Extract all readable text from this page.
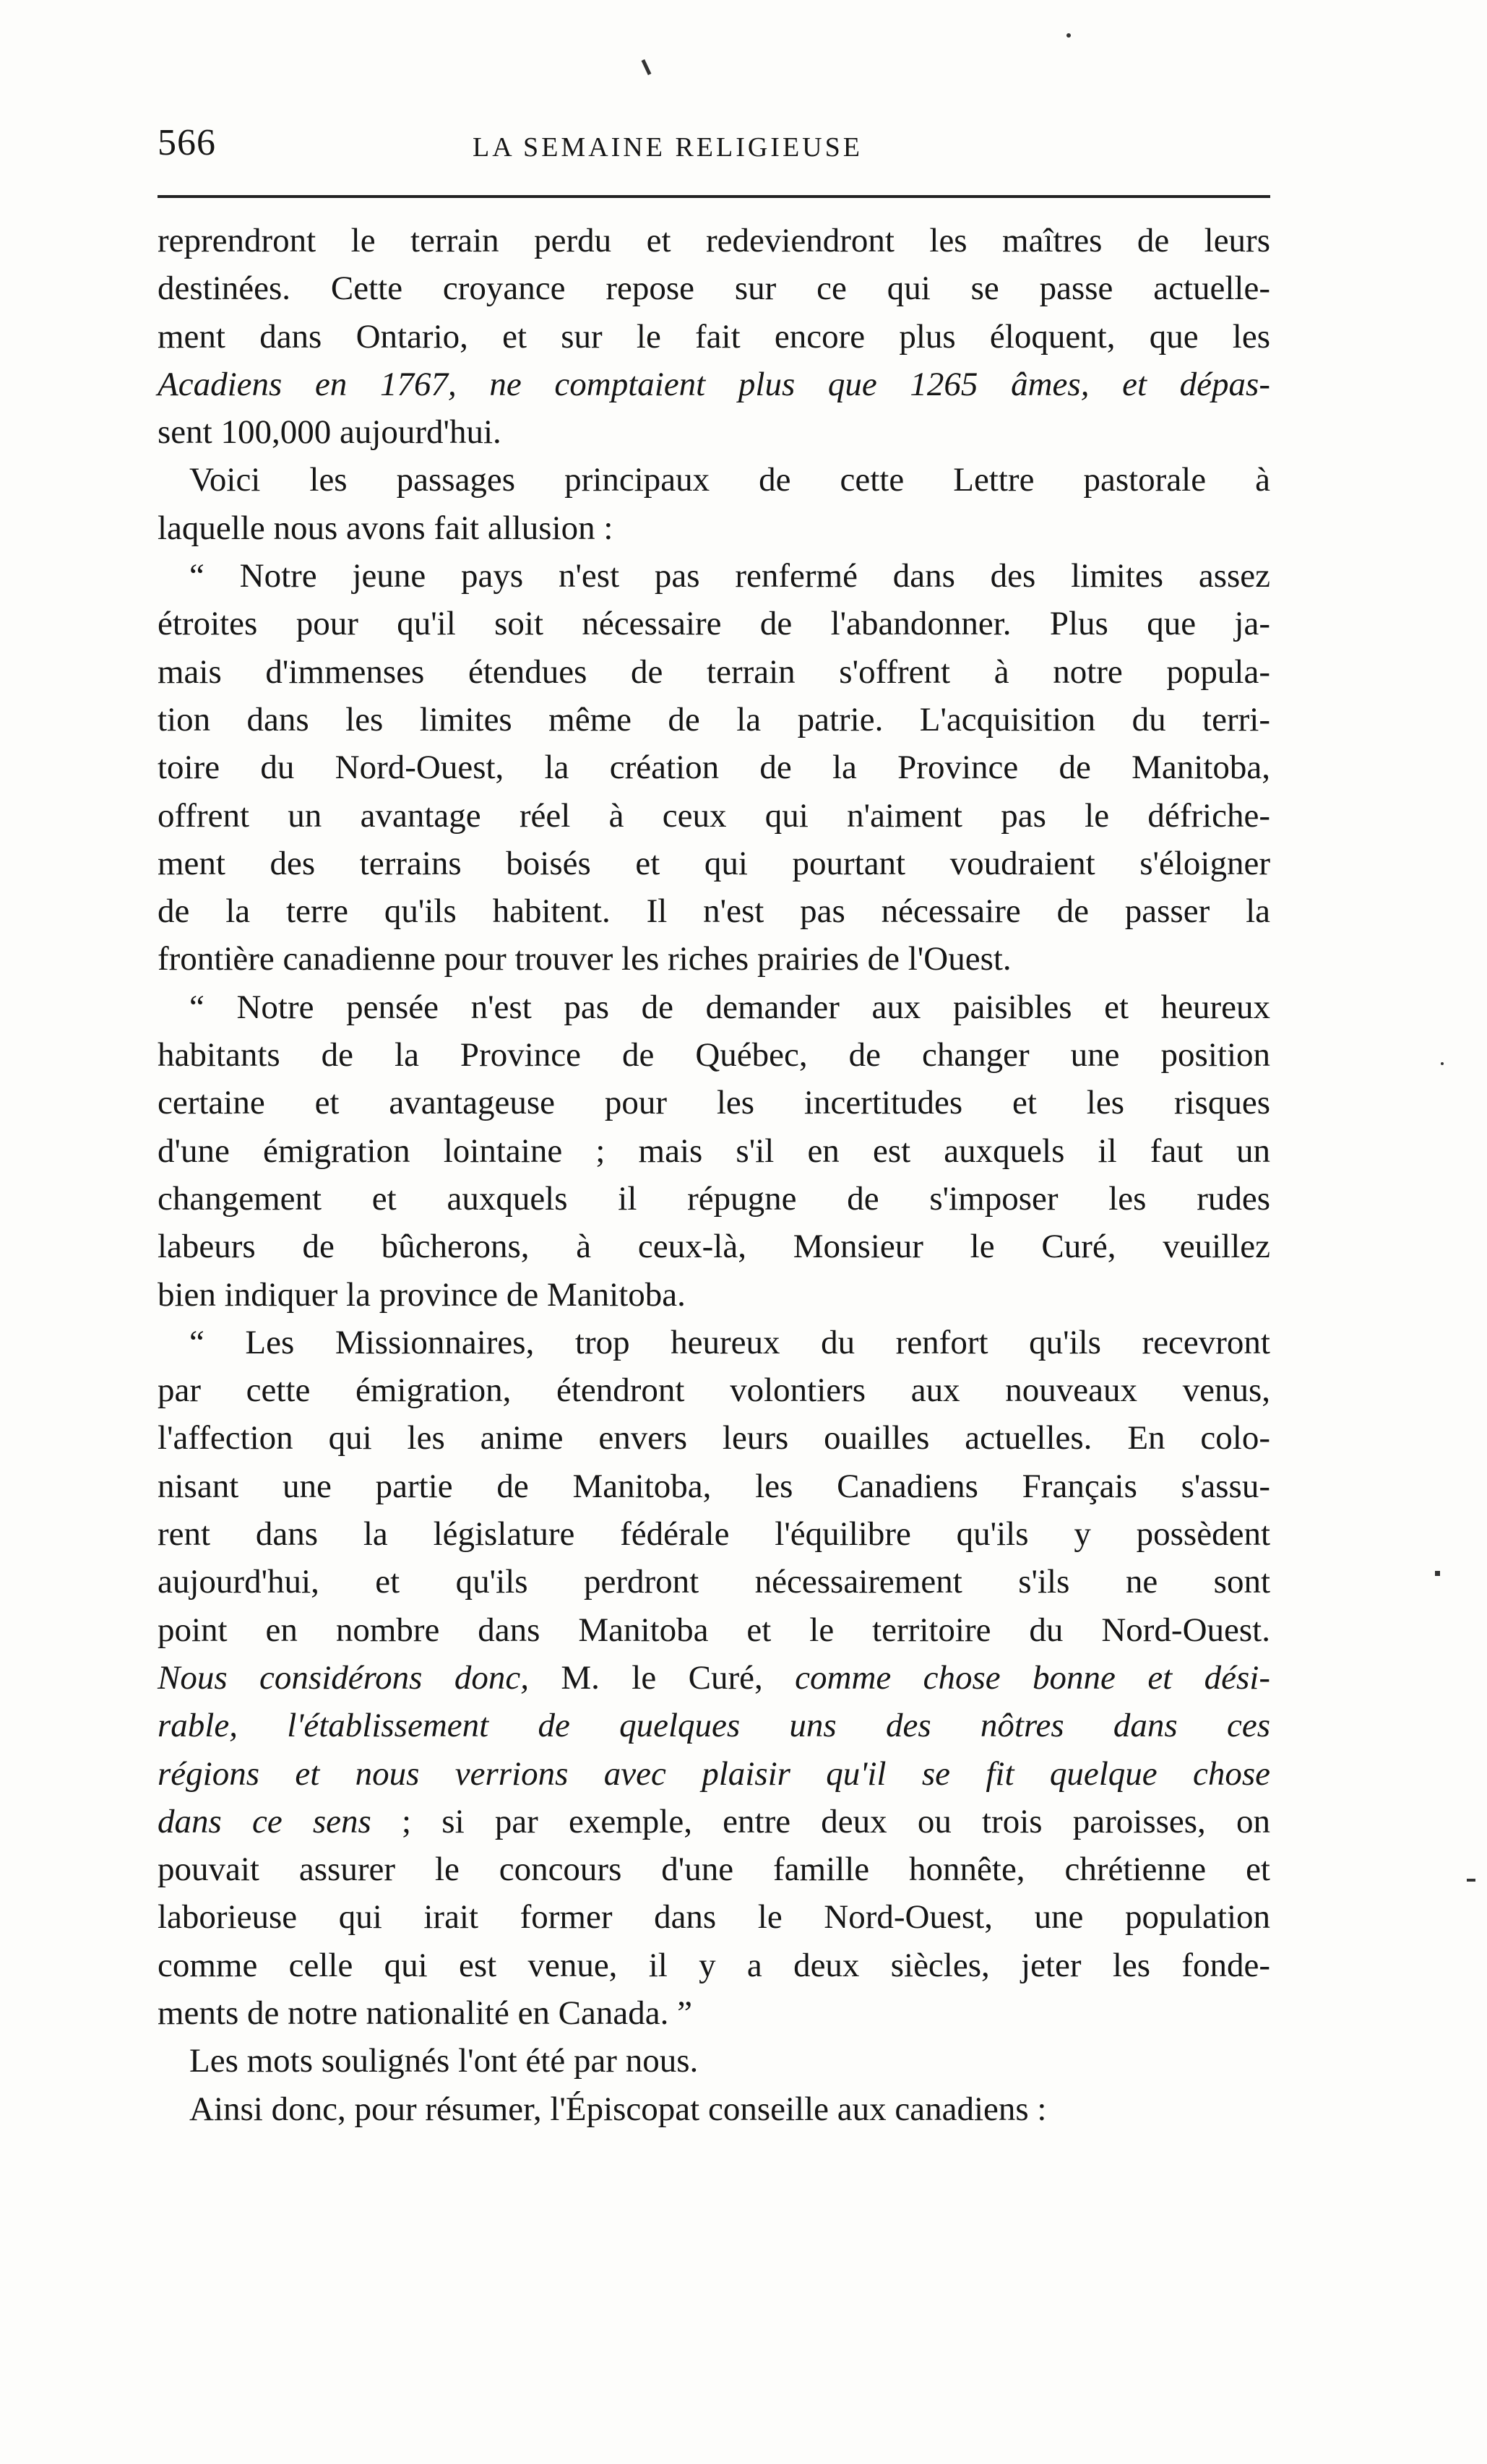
566	LA SEMAINE RELIGIEUSE
reprendront le terrain perdu et redeviendront les maîtres de leurs
destinées. Cette croyance repose sur ce qui se passe actuelle-
ment dans Ontario, et sur le fait encore plus éloquent, que les
Acadiens en 1767, ne comptaient plus que 1265 âmes, et dépas-
sent 100,000 aujourd'hui.
Voici les passages principaux de cette Lettre pastorale à
laquelle nous avons fait allusion :
“ Notre jeune pays n'est pas renfermé dans des limites assez
étroites pour qu'il soit nécessaire de l'abandonner. Plus que ja-
mais d'immenses étendues de terrain s'offrent à notre popula-
tion dans les limites même de la patrie. L'acquisition du terri-
toire du Nord-Ouest, la création de la Province de Manitoba,
offrent un avantage réel à ceux qui n'aiment pas le défriche-
ment des terrains boisés et qui pourtant voudraient s'éloigner
de la terre qu'ils habitent. Il n'est pas nécessaire de passer la
frontière canadienne pour trouver les riches prairies de l'Ouest.
“ Notre pensée n'est pas de demander aux paisibles et heureux
habitants de la Province de Québec, de changer une position
certaine et avantageuse pour les incertitudes et les risques
d'une émigration lointaine ; mais s'il en est auxquels il faut un
changement et auxquels il répugne de s'imposer les rudes
labeurs de bûcherons, à ceux-là, Monsieur le Curé, veuillez
bien indiquer la province de Manitoba.
“ Les Missionnaires, trop heureux du renfort qu'ils recevront
par cette émigration, étendront volontiers aux nouveaux venus,
l'affection qui les anime envers leurs ouailles actuelles. En colo-
nisant une partie de Manitoba, les Canadiens Français s'assu-
rent dans la législature fédérale l'équilibre qu'ils y possèdent
aujourd'hui, et qu'ils perdront nécessairement s'ils ne sont
point en nombre dans Manitoba et le territoire du Nord-Ouest.
Nous considérons donc, M. le Curé, comme chose bonne et dési-
rable, l'établissement de quelques uns des nôtres dans ces
régions et nous verrions avec plaisir qu'il se fit quelque chose
dans ce sens ; si par exemple, entre deux ou trois paroisses, on
pouvait assurer le concours d'une famille honnête, chrétienne et
laborieuse qui irait former dans le Nord-Ouest, une population
comme celle qui est venue, il y a deux siècles, jeter les fonde-
ments de notre nationalité en Canada. ”
Les mots soulignés l'ont été par nous.
Ainsi donc, pour résumer, l'Épiscopat conseille aux canadiens :
